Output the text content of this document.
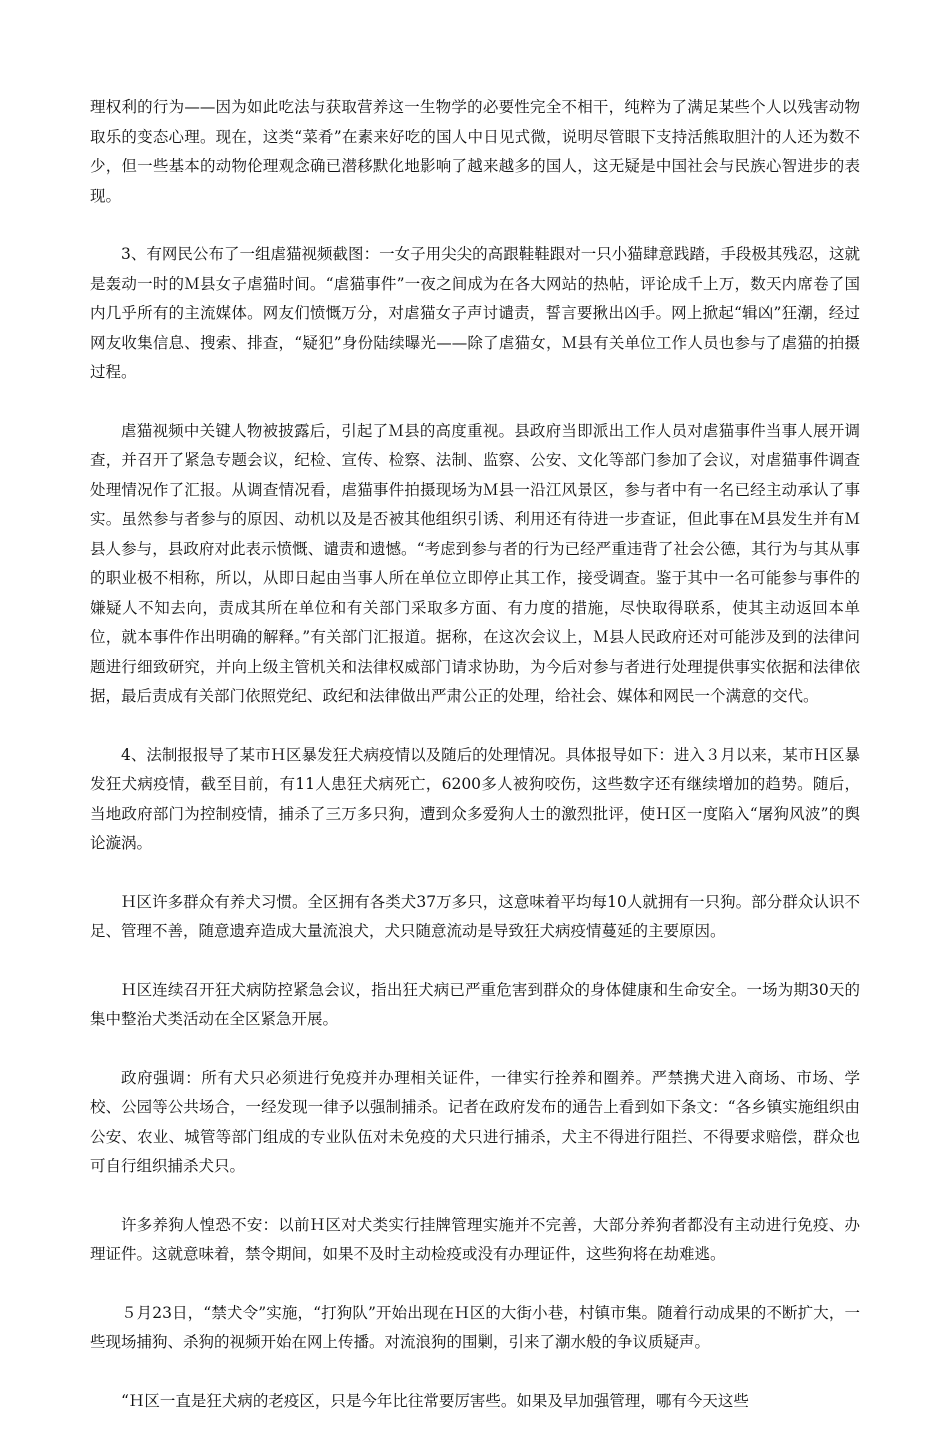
理权利的行为——因为如此吃法与获取营养这一生物学的必要性完全不相干，纯粹为了满足某些个人以残害动物取乐的变态心理。现在，这类“菜肴”在素来好吃的国人中日见式微，说明尽管眼下支持活熊取胆汁的人还为数不少，但一些基本的动物伦理观念确已潜移默化地影响了越来越多的国人，这无疑是中国社会与民族心智进步的表现。

3、有网民公布了一组虐猫视频截图：一女子用尖尖的高跟鞋鞋跟对一只小猫肆意践踏，手段极其残忍，这就是轰动一时的Ｍ县女子虐猫时间。“虐猫事件”一夜之间成为在各大网站的热帖，评论成千上万，数天内席卷了国内几乎所有的主流媒体。网友们愤慨万分，对虐猫女子声讨谴责，誓言要揪出凶手。网上掀起“辑凶”狂潮，经过网友收集信息、搜索、排查，“疑犯”身份陆续曝光——除了虐猫女，Ｍ县有关单位工作人员也参与了虐猫的拍摄过程。

虐猫视频中关键人物被披露后，引起了Ｍ县的高度重视。县政府当即派出工作人员对虐猫事件当事人展开调查，并召开了紧急专题会议，纪检、宣传、检察、法制、监察、公安、文化等部门参加了会议，对虐猫事件调查处理情况作了汇报。从调查情况看，虐猫事件拍摄现场为Ｍ县一沿江风景区，参与者中有一名已经主动承认了事实。虽然参与者参与的原因、动机以及是否被其他组织引诱、利用还有待进一步查证，但此事在Ｍ县发生并有Ｍ县人参与，县政府对此表示愤慨、谴责和遗憾。“考虑到参与者的行为已经严重违背了社会公德，其行为与其从事的职业极不相称，所以，从即日起由当事人所在单位立即停止其工作，接受调查。鉴于其中一名可能参与事件的嫌疑人不知去向，责成其所在单位和有关部门采取多方面、有力度的措施，尽快取得联系，使其主动返回本单位，就本事件作出明确的解释。”有关部门汇报道。据称，在这次会议上，Ｍ县人民政府还对可能涉及到的法律问题进行细致研究，并向上级主管机关和法律权威部门请求协助，为今后对参与者进行处理提供事实依据和法律依据，最后责成有关部门依照党纪、政纪和法律做出严肃公正的处理，给社会、媒体和网民一个满意的交代。

4、法制报报导了某市Ｈ区暴发狂犬病疫情以及随后的处理情况。具体报导如下：进入３月以来，某市Ｈ区暴发狂犬病疫情，截至目前，有11人患狂犬病死亡，6200多人被狗咬伤，这些数字还有继续增加的趋势。随后，当地政府部门为控制疫情，捕杀了三万多只狗，遭到众多爱狗人士的激烈批评，使Ｈ区一度陷入“屠狗风波”的舆论漩涡。

Ｈ区许多群众有养犬习惯。全区拥有各类犬37万多只，这意味着平均每10人就拥有一只狗。部分群众认识不足、管理不善，随意遗弃造成大量流浪犬，犬只随意流动是导致狂犬病疫情蔓延的主要原因。

Ｈ区连续召开狂犬病防控紧急会议，指出狂犬病已严重危害到群众的身体健康和生命安全。一场为期30天的集中整治犬类活动在全区紧急开展。

政府强调：所有犬只必须进行免疫并办理相关证件，一律实行拴养和圈养。严禁携犬进入商场、市场、学校、公园等公共场合，一经发现一律予以强制捕杀。记者在政府发布的通告上看到如下条文：“各乡镇实施组织由公安、农业、城管等部门组成的专业队伍对未免疫的犬只进行捕杀，犬主不得进行阻拦、不得要求赔偿，群众也可自行组织捕杀犬只。

许多养狗人惶恐不安：以前Ｈ区对犬类实行挂牌管理实施并不完善，大部分养狗者都没有主动进行免疫、办理证件。这就意味着，禁令期间，如果不及时主动检疫或没有办理证件，这些狗将在劫难逃。

５月23日，“禁犬令”实施，“打狗队”开始出现在Ｈ区的大街小巷，村镇市集。随着行动成果的不断扩大，一些现场捕狗、杀狗的视频开始在网上传播。对流浪狗的围剿，引来了潮水般的争议质疑声。

“Ｈ区一直是狂犬病的老疫区，只是今年比往常要厉害些。如果及早加强管理，哪有今天这些
